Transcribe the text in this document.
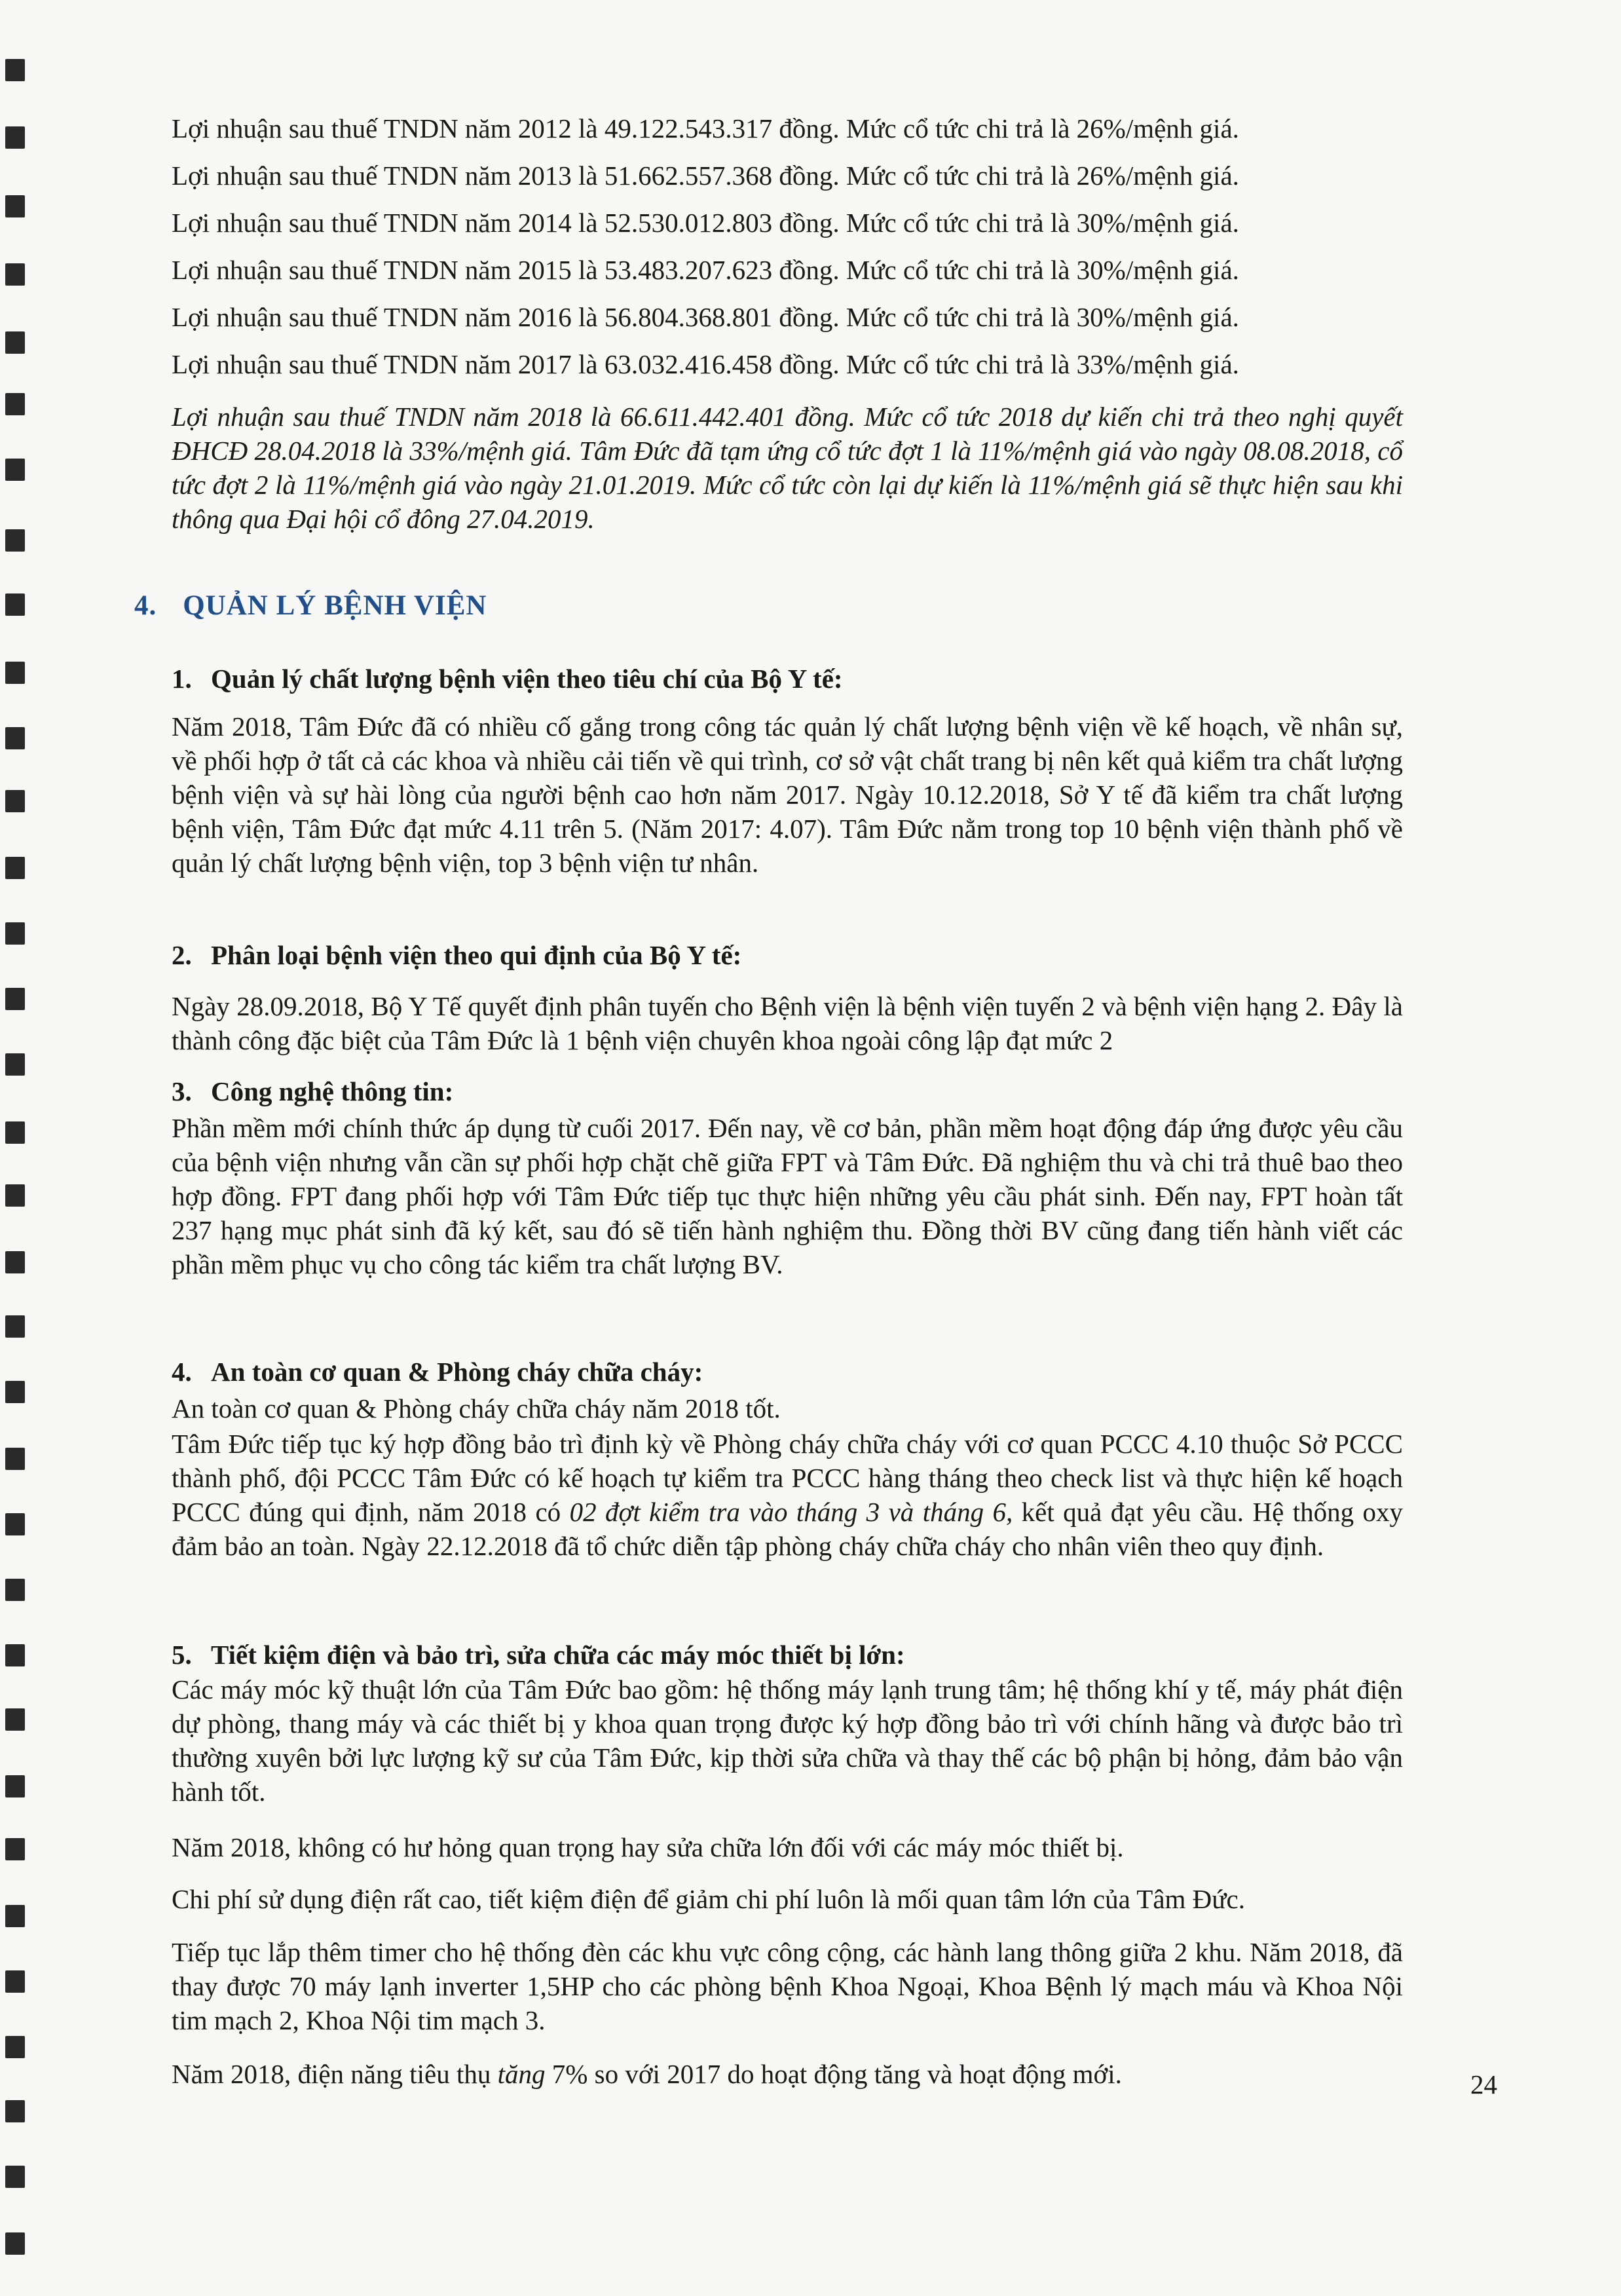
Lợi nhuận sau thuế TNDN năm 2012 là 49.122.543.317 đồng. Mức cổ tức chi trả là 26%/mệnh giá.

Lợi nhuận sau thuế TNDN năm 2013 là 51.662.557.368 đồng. Mức cổ tức chi trả là 26%/mệnh giá.

Lợi nhuận sau thuế TNDN năm 2014 là 52.530.012.803 đồng. Mức cổ tức chi trả là 30%/mệnh giá.

Lợi nhuận sau thuế TNDN năm 2015 là 53.483.207.623 đồng. Mức cổ tức chi trả là 30%/mệnh giá.

Lợi nhuận sau thuế TNDN năm 2016 là 56.804.368.801 đồng. Mức cổ tức chi trả là 30%/mệnh giá.

Lợi nhuận sau thuế TNDN năm 2017 là 63.032.416.458 đồng. Mức cổ tức chi trả là 33%/mệnh giá.

Lợi nhuận sau thuế TNDN năm 2018 là 66.611.442.401 đồng. Mức cổ tức 2018 dự kiến chi trả theo nghị quyết ĐHCĐ 28.04.2018 là 33%/mệnh giá. Tâm Đức đã tạm ứng cổ tức đợt 1 là 11%/mệnh giá vào ngày 08.08.2018, cổ tức đợt 2 là 11%/mệnh giá vào ngày 21.01.2019. Mức cổ tức còn lại dự kiến là 11%/mệnh giá sẽ thực hiện sau khi thông qua Đại hội cổ đông 27.04.2019.

4. QUẢN LÝ BỆNH VIỆN
1. Quản lý chất lượng bệnh viện theo tiêu chí của Bộ Y tế:

Năm 2018, Tâm Đức đã có nhiều cố gắng trong công tác quản lý chất lượng bệnh viện về kế hoạch, về nhân sự, về phối hợp ở tất cả các khoa và nhiều cải tiến về qui trình, cơ sở vật chất trang bị nên kết quả kiểm tra chất lượng bệnh viện và sự hài lòng của người bệnh cao hơn năm 2017. Ngày 10.12.2018, Sở Y tế đã kiểm tra chất lượng bệnh viện, Tâm Đức đạt mức 4.11 trên 5. (Năm 2017: 4.07). Tâm Đức nằm trong top 10 bệnh viện thành phố về quản lý chất lượng bệnh viện, top 3 bệnh viện tư nhân.

2. Phân loại bệnh viện theo qui định của Bộ Y tế:

Ngày 28.09.2018, Bộ Y Tế quyết định phân tuyến cho Bệnh viện là bệnh viện tuyến 2 và bệnh viện hạng 2. Đây là thành công đặc biệt của Tâm Đức là 1 bệnh viện chuyên khoa ngoài công lập đạt mức 2

3. Công nghệ thông tin:

Phần mềm mới chính thức áp dụng từ cuối 2017. Đến nay, về cơ bản, phần mềm hoạt động đáp ứng được yêu cầu của bệnh viện nhưng vẫn cần sự phối hợp chặt chẽ giữa FPT và Tâm Đức. Đã nghiệm thu và chi trả thuê bao theo hợp đồng. FPT đang phối hợp với Tâm Đức tiếp tục thực hiện những yêu cầu phát sinh. Đến nay, FPT hoàn tất 237 hạng mục phát sinh đã ký kết, sau đó sẽ tiến hành nghiệm thu. Đồng thời BV cũng đang tiến hành viết các phần mềm phục vụ cho công tác kiểm tra chất lượng BV.

4. An toàn cơ quan & Phòng cháy chữa cháy:

An toàn cơ quan & Phòng cháy chữa cháy năm 2018 tốt.

Tâm Đức tiếp tục ký hợp đồng bảo trì định kỳ về Phòng cháy chữa cháy với cơ quan PCCC 4.10 thuộc Sở PCCC thành phố, đội PCCC Tâm Đức có kế hoạch tự kiểm tra PCCC hàng tháng theo check list và thực hiện kế hoạch PCCC đúng qui định, năm 2018 có 02 đợt kiểm tra vào tháng 3 và tháng 6, kết quả đạt yêu cầu. Hệ thống oxy đảm bảo an toàn. Ngày 22.12.2018 đã tổ chức diễn tập phòng cháy chữa cháy cho nhân viên theo quy định.

5. Tiết kiệm điện và bảo trì, sửa chữa các máy móc thiết bị lớn:

Các máy móc kỹ thuật lớn của Tâm Đức bao gồm: hệ thống máy lạnh trung tâm; hệ thống khí y tế, máy phát điện dự phòng, thang máy và các thiết bị y khoa quan trọng được ký hợp đồng bảo trì với chính hãng và được bảo trì thường xuyên bởi lực lượng kỹ sư của Tâm Đức, kịp thời sửa chữa và thay thế các bộ phận bị hỏng, đảm bảo vận hành tốt.

Năm 2018, không có hư hỏng quan trọng hay sửa chữa lớn đối với các máy móc thiết bị.

Chi phí sử dụng điện rất cao, tiết kiệm điện để giảm chi phí luôn là mối quan tâm lớn của Tâm Đức.

Tiếp tục lắp thêm timer cho hệ thống đèn các khu vực công cộng, các hành lang thông giữa 2 khu. Năm 2018, đã thay được 70 máy lạnh inverter 1,5HP cho các phòng bệnh Khoa Ngoại, Khoa Bệnh lý mạch máu và Khoa Nội tim mạch 2, Khoa Nội tim mạch 3.

Năm 2018, điện năng tiêu thụ tăng 7% so với 2017 do hoạt động tăng và hoạt động mới.	24
